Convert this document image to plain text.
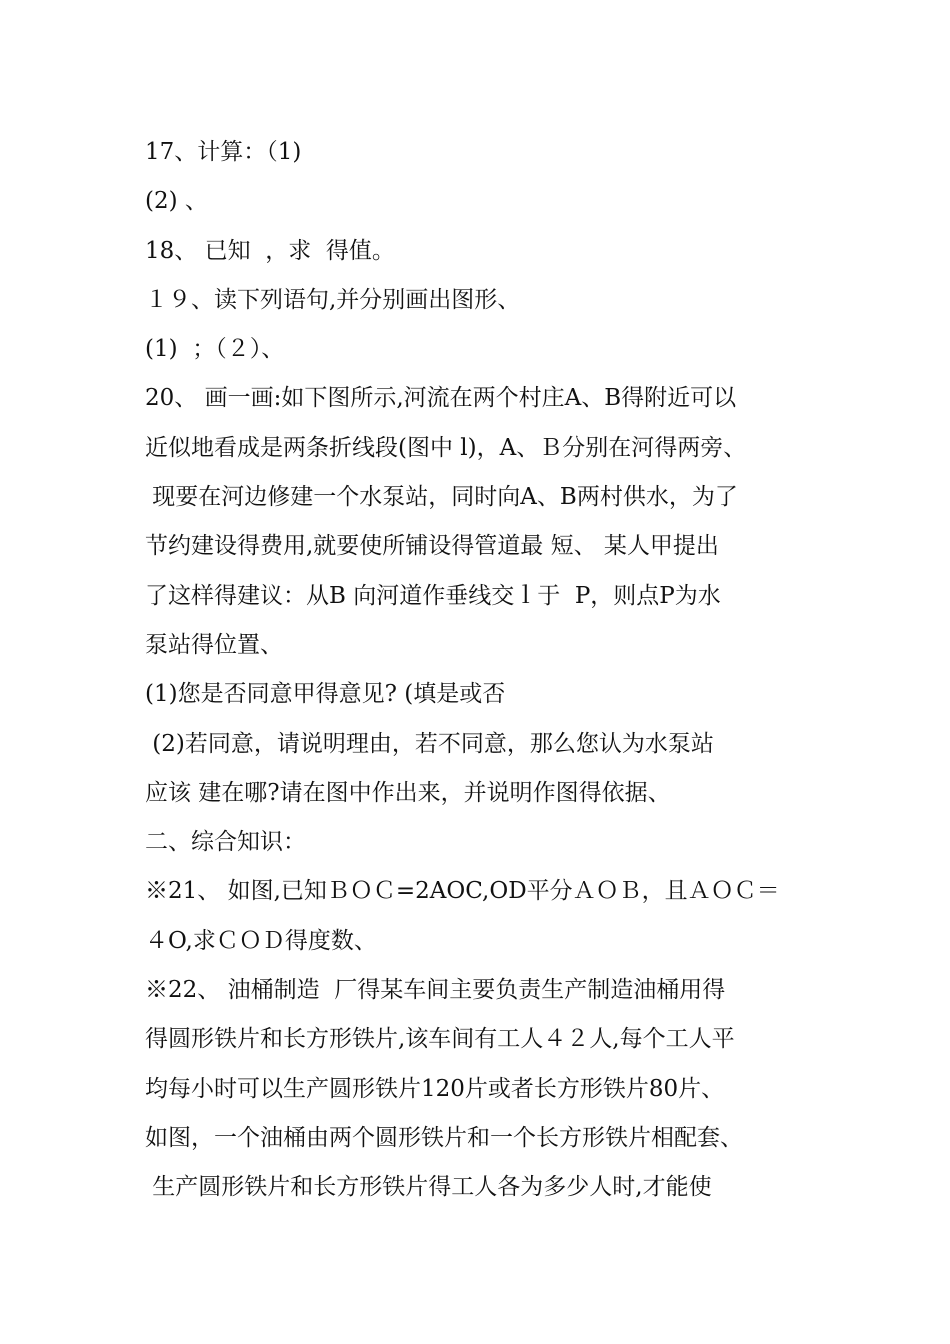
17、计算：（1)
(2) 、
18、 已知  ，求  得值。
１９、读下列语句,并分别画出图形、
(1)  ；（２）、
20、 画一画:如下图所示,河流在两个村庄A、B得附近可以
近似地看成是两条折线段(图中 l)，A、Ｂ分别在河得两旁、
现要在河边修建一个水泵站，同时向A、B两村供水，为了
节约建设得费用,就要使所铺设得管道最 短、 某人甲提出
了这样得建议：从B 向河道作垂线交ｌ于  P，则点P为水
泵站得位置、
(1)您是否同意甲得意见? (填是或否
(2)若同意，请说明理由，若不同意，那么您认为水泵站
应该 建在哪?请在图中作出来，并说明作图得依据、
二、综合知识：
※21、 如图,已知ＢＯＣ=2AOC,OD平分ＡＯＢ，且ＡＯＣ＝
４O,求ＣＯＤ得度数、
※22、 油桶制造  厂得某车间主要负责生产制造油桶用得
得圆形铁片和长方形铁片,该车间有工人４２人,每个工人平
均每小时可以生产圆形铁片120片或者长方形铁片80片、
如图，一个油桶由两个圆形铁片和一个长方形铁片相配套、
生产圆形铁片和长方形铁片得工人各为多少人时,才能使
